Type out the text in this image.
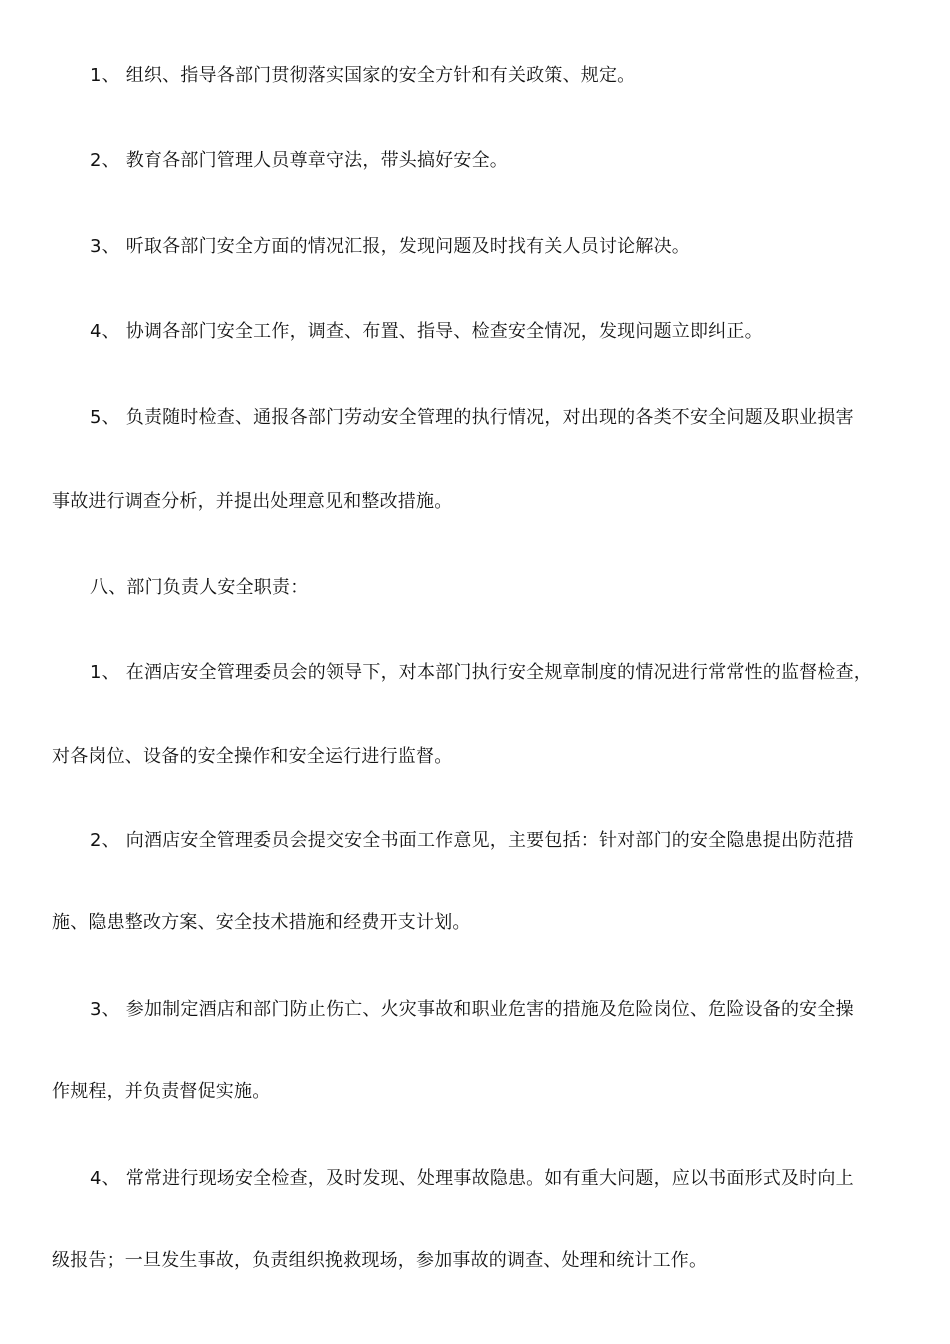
1、 组织、指导各部门贯彻落实国家的安全方针和有关政策、规定。
2、 教育各部门管理人员尊章守法，带头搞好安全。
3、 听取各部门安全方面的情况汇报，发现问题及时找有关人员讨论解决。
4、 协调各部门安全工作，调查、布置、指导、检查安全情况，发现问题立即纠正。
5、 负责随时检查、通报各部门劳动安全管理的执行情况，对出现的各类不安全问题及职业损害
事故进行调查分析，并提出处理意见和整改措施。
八、部门负责人安全职责：
1、 在酒店安全管理委员会的领导下，对本部门执行安全规章制度的情况进行常常性的监督检查，
对各岗位、设备的安全操作和安全运行进行监督。
2、 向酒店安全管理委员会提交安全书面工作意见，主要包括：针对部门的安全隐患提出防范措
施、隐患整改方案、安全技术措施和经费开支计划。
3、 参加制定酒店和部门防止伤亡、火灾事故和职业危害的措施及危险岗位、危险设备的安全操
作规程，并负责督促实施。
4、 常常进行现场安全检查，及时发现、处理事故隐患。如有重大问题，应以书面形式及时向上
级报告；一旦发生事故，负责组织挽救现场，参加事故的调查、处理和统计工作。
